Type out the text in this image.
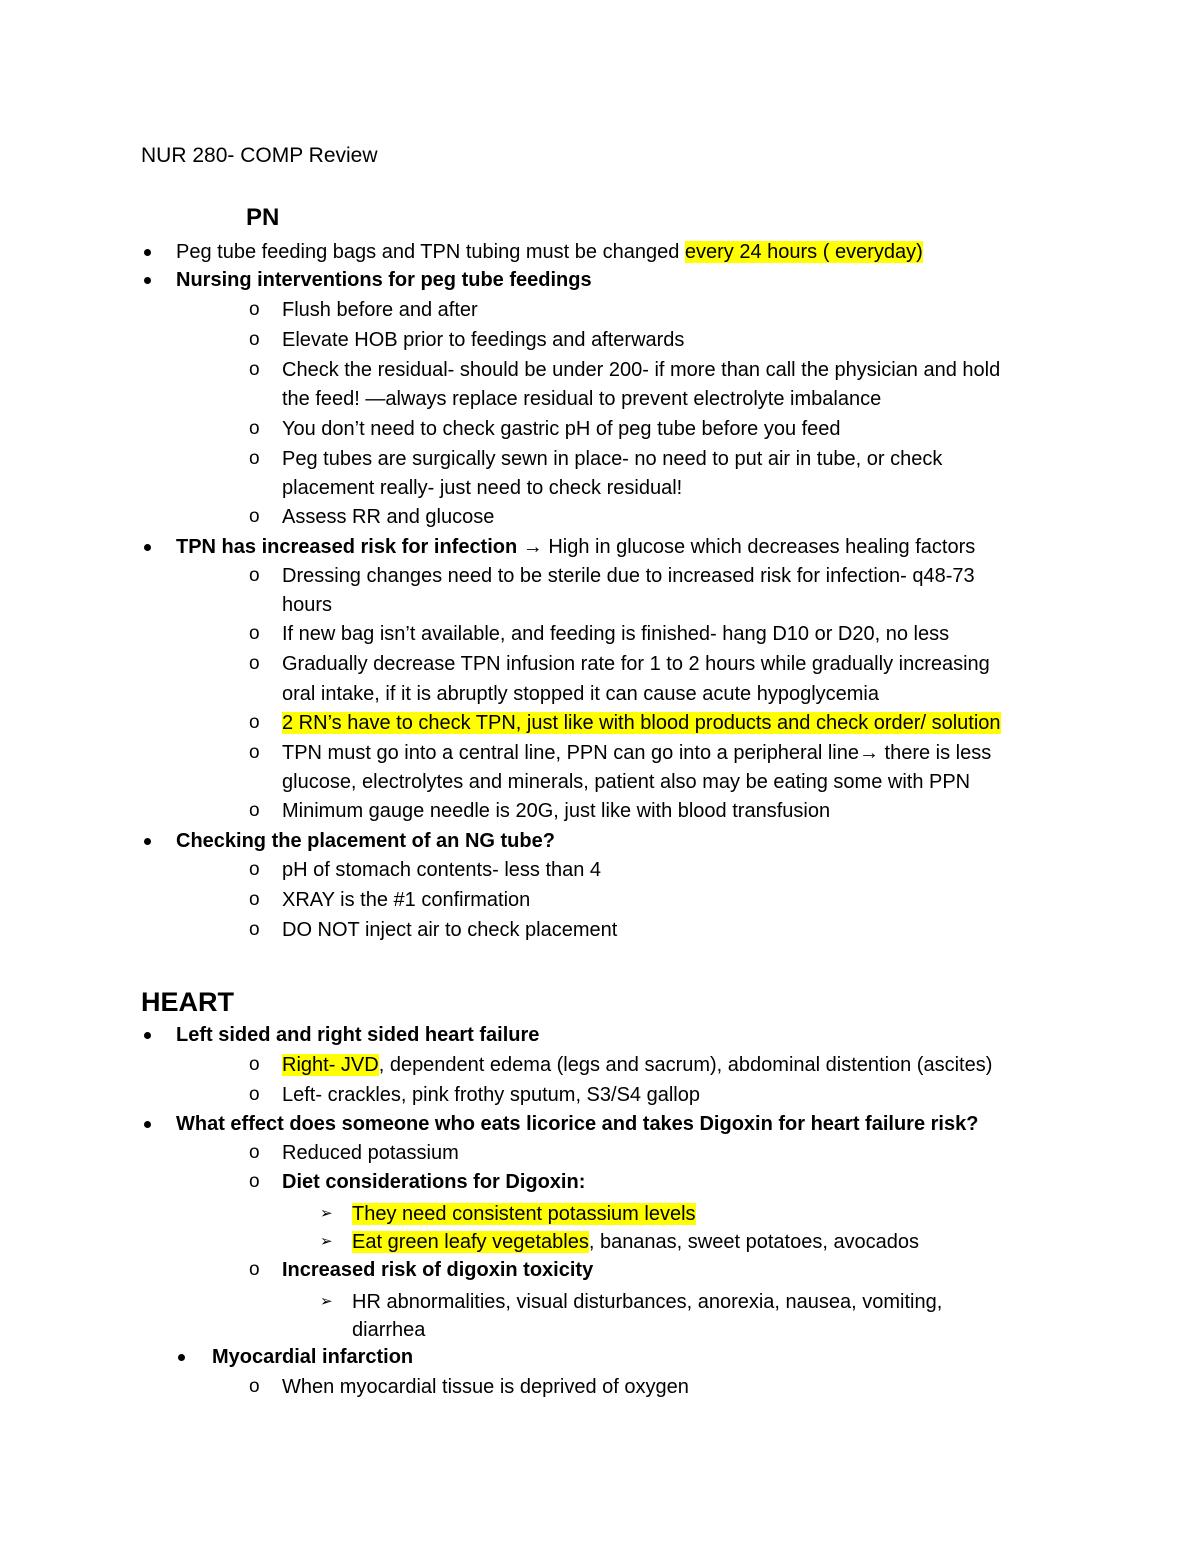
NUR 280- COMP Review
PN
Peg tube feeding bags and TPN tubing must be changed every 24 hours ( everyday)
Nursing interventions for peg tube feedings
o Flush before and after
o Elevate HOB prior to feedings and afterwards
o Check the residual- should be under 200- if more than call the physician and hold
the feed! —always replace residual to prevent electrolyte imbalance
o You don’t need to check gastric pH of peg tube before you feed
o Peg tubes are surgically sewn in place- no need to put air in tube, or check
placement really- just need to check residual!
o Assess RR and glucose
TPN has increased risk for infection → High in glucose which decreases healing factors
o Dressing changes need to be sterile due to increased risk for infection- q48-73
hours
o If new bag isn’t available, and feeding is finished- hang D10 or D20, no less
o Gradually decrease TPN infusion rate for 1 to 2 hours while gradually increasing
oral intake, if it is abruptly stopped it can cause acute hypoglycemia
o 2 RN’s have to check TPN, just like with blood products and check order/ solution
o TPN must go into a central line, PPN can go into a peripheral line→ there is less
glucose, electrolytes and minerals, patient also may be eating some with PPN
o Minimum gauge needle is 20G, just like with blood transfusion
Checking the placement of an NG tube?
o pH of stomach contents- less than 4
o XRAY is the #1 confirmation
o DO NOT inject air to check placement
HEART
Left sided and right sided heart failure
o Right- JVD, dependent edema (legs and sacrum), abdominal distention (ascites)
o Left- crackles, pink frothy sputum, S3/S4 gallop
What effect does someone who eats licorice and takes Digoxin for heart failure risk?
o Reduced potassium
o Diet considerations for Digoxin:
➢ They need consistent potassium levels
➢ Eat green leafy vegetables, bananas, sweet potatoes, avocados
o Increased risk of digoxin toxicity
➢ HR abnormalities, visual disturbances, anorexia, nausea, vomiting,
diarrhea
Myocardial infarction
o When myocardial tissue is deprived of oxygen
